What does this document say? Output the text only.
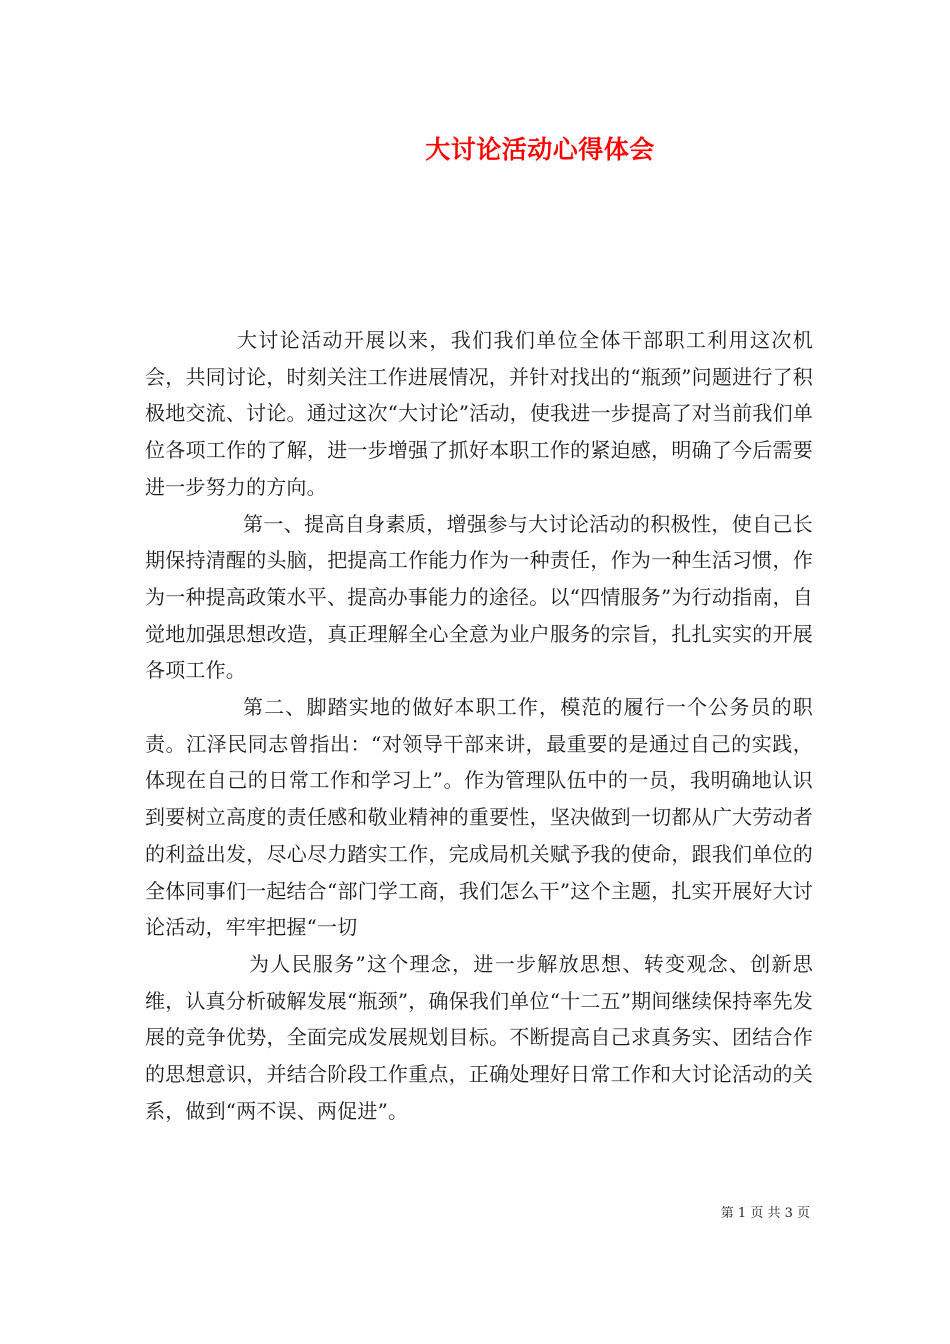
大讨论活动心得体会

大讨论活动开展以来，我们我们单位全体干部职工利用这次机会，共同讨论，时刻关注工作进展情况，并针对找出的“瓶颈”问题进行了积极地交流、讨论。通过这次“大讨论”活动，使我进一步提高了对当前我们单位各项工作的了解，进一步增强了抓好本职工作的紧迫感，明确了今后需要进一步努力的方向。

第一、提高自身素质，增强参与大讨论活动的积极性，使自己长期保持清醒的头脑，把提高工作能力作为一种责任，作为一种生活习惯，作为一种提高政策水平、提高办事能力的途径。以“四情服务”为行动指南，自觉地加强思想改造，真正理解全心全意为业户服务的宗旨，扎扎实实的开展各项工作。

第二、脚踏实地的做好本职工作，模范的履行一个公务员的职责。江泽民同志曾指出：“对领导干部来讲，最重要的是通过自己的实践，体现在自己的日常工作和学习上”。作为管理队伍中的一员，我明确地认识到要树立高度的责任感和敬业精神的重要性，坚决做到一切都从广大劳动者的利益出发，尽心尽力踏实工作，完成局机关赋予我的使命，跟我们单位的全体同事们一起结合“部门学工商，我们怎么干”这个主题，扎实开展好大讨论活动，牢牢把握“一切

为人民服务”这个理念，进一步解放思想、转变观念、创新思维，认真分析破解发展“瓶颈”，确保我们单位“十二五”期间继续保持率先发展的竞争优势，全面完成发展规划目标。不断提高自己求真务实、团结合作的思想意识，并结合阶段工作重点，正确处理好日常工作和大讨论活动的关系，做到“两不误、两促进”。

第 1 页 共 3 页
